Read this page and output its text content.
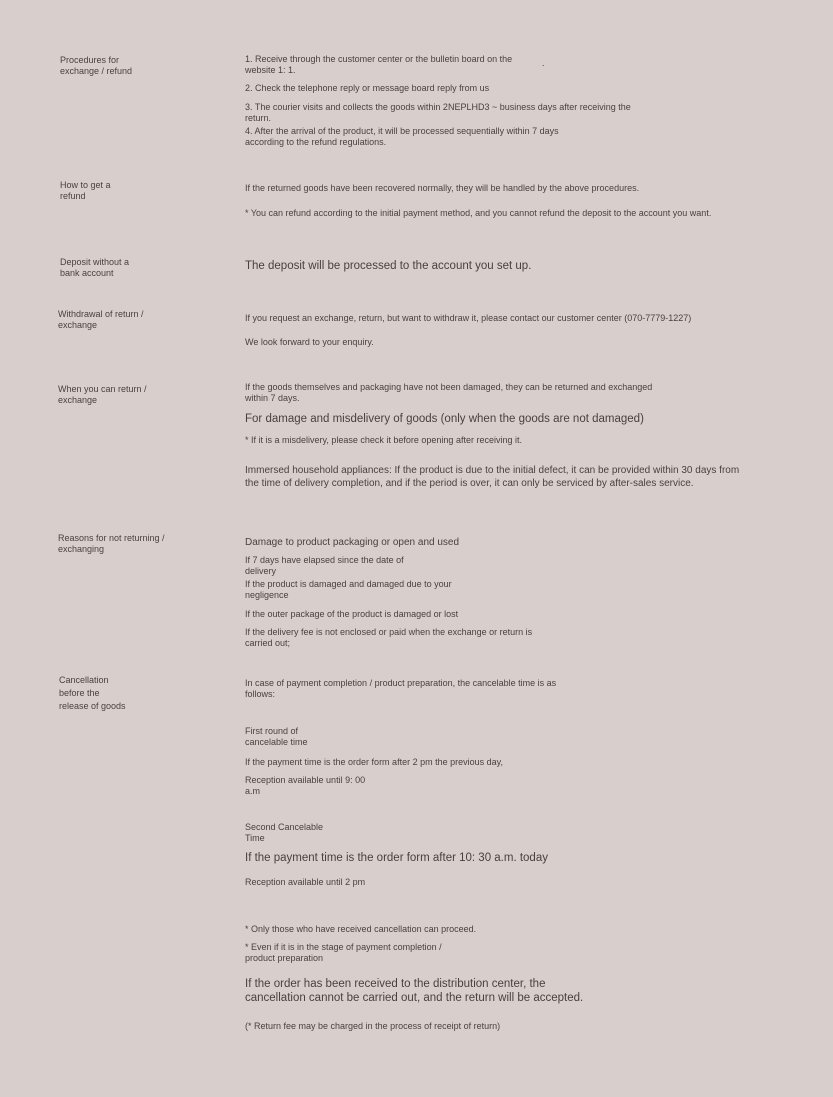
Procedures for
exchange / refund
1. Receive through the customer center or the bulletin board on the
website 1: 1.
.
2. Check the telephone reply or message board reply from us
3. The courier visits and collects the goods within 2NEPLHD3 ~ business days after receiving the
return.
4. After the arrival of the product, it will be processed sequentially within 7 days
according to the refund regulations.
How to get a
refund
If the returned goods have been recovered normally, they will be handled by the above procedures.
* You can refund according to the initial payment method, and you cannot refund the deposit to the account you want.
Deposit without a
bank account
The deposit will be processed to the account you set up.
Withdrawal of return /
exchange
If you request an exchange, return, but want to withdraw it, please contact our customer center (070-7779-1227)
We look forward to your enquiry.
When you can return /
exchange
If the goods themselves and packaging have not been damaged, they can be returned and exchanged
within 7 days.
For damage and misdelivery of goods (only when the goods are not damaged)
* If it is a misdelivery, please check it before opening after receiving it.
Immersed household appliances: If the product is due to the initial defect, it can be provided within 30 days from
the time of delivery completion, and if the period is over, it can only be serviced by after-sales service.
Reasons for not returning /
exchanging
Damage to product packaging or open and used
If 7 days have elapsed since the date of
delivery
If the product is damaged and damaged due to your
negligence
If the outer package of the product is damaged or lost
If the delivery fee is not enclosed or paid when the exchange or return is
carried out;
Cancellation
before the
release of goods
In case of payment completion / product preparation, the cancelable time is as
follows:
First round of
cancelable time
If the payment time is the order form after 2 pm the previous day,
Reception available until 9: 00
a.m
Second Cancelable
Time
If the payment time is the order form after 10: 30 a.m. today
Reception available until 2 pm
* Only those who have received cancellation can proceed.
* Even if it is in the stage of payment completion /
product preparation
If the order has been received to the distribution center, the
cancellation cannot be carried out, and the return will be accepted.
(* Return fee may be charged in the process of receipt of return)
